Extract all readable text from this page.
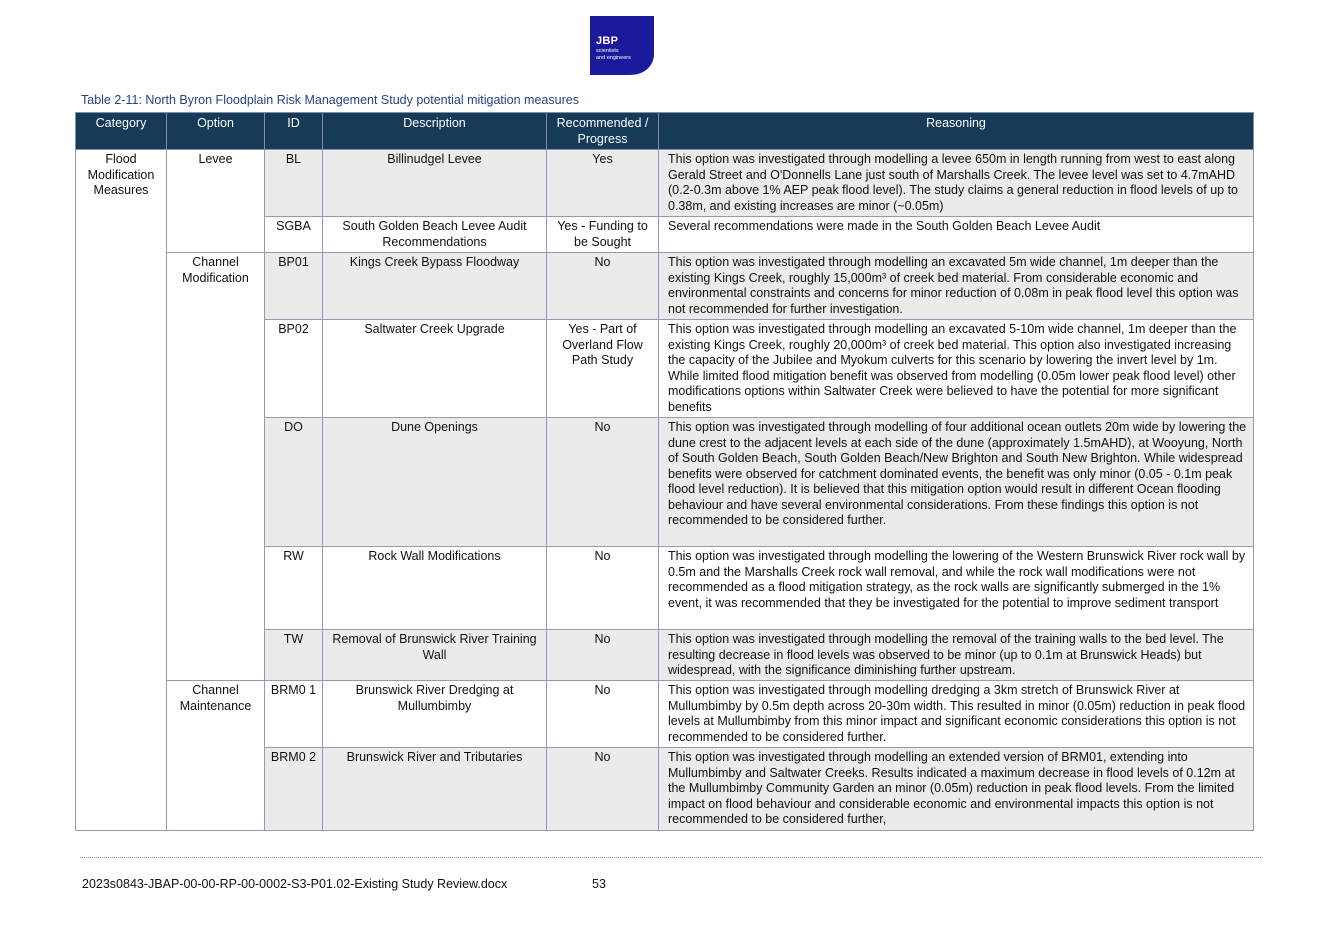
JBP
scientists
and engineers
Table 2-11: North Byron Floodplain Risk Management Study potential mitigation measures
Category	Option	ID	Description	Recommended / Progress	Reasoning
Flood Modification Measures	Levee	BL	Billinudgel Levee	Yes	This option was investigated through modelling a levee 650m in length running from west to east along Gerald Street and O'Donnells Lane just south of Marshalls Creek. The levee level was set to 4.7mAHD (0.2-0.3m above 1% AEP peak flood level). The study claims a general reduction in flood levels of up to 0.38m, and existing increases are minor (~0.05m)
		SGBA	South Golden Beach Levee Audit Recommendations	Yes - Funding to be Sought	Several recommendations were made in the South Golden Beach Levee Audit
	Channel Modification	BP01	Kings Creek Bypass Floodway	No	This option was investigated through modelling an excavated 5m wide channel, 1m deeper than the existing Kings Creek, roughly 15,000m³ of creek bed material. From considerable economic and environmental constraints and concerns for minor reduction of 0.08m in peak flood level this option was not recommended for further investigation.
		BP02	Saltwater Creek Upgrade	Yes - Part of Overland Flow Path Study	This option was investigated through modelling an excavated 5-10m wide channel, 1m deeper than the existing Kings Creek, roughly 20,000m³ of creek bed material. This option also investigated increasing the capacity of the Jubilee and Myokum culverts for this scenario by lowering the invert level by 1m. While limited flood mitigation benefit was observed from modelling (0.05m lower peak flood level) other modifications options within Saltwater Creek were believed to have the potential for more significant benefits
		DO	Dune Openings	No	This option was investigated through modelling of four additional ocean outlets 20m wide by lowering the dune crest to the adjacent levels at each side of the dune (approximately 1.5mAHD), at Wooyung, North of South Golden Beach, South Golden Beach/New Brighton and South New Brighton. While widespread benefits were observed for catchment dominated events, the benefit was only minor (0.05 - 0.1m peak flood level reduction). It is believed that this mitigation option would result in different Ocean flooding behaviour and have several environmental considerations. From these findings this option is not recommended to be considered further.
		RW	Rock Wall Modifications	No	This option was investigated through modelling the lowering of the Western Brunswick River rock wall by 0.5m and the Marshalls Creek rock wall removal, and while the rock wall modifications were not recommended as a flood mitigation strategy, as the rock walls are significantly submerged in the 1% event, it was recommended that they be investigated for the potential to improve sediment transport
		TW	Removal of Brunswick River Training Wall	No	This option was investigated through modelling the removal of the training walls to the bed level. The resulting decrease in flood levels was observed to be minor (up to 0.1m at Brunswick Heads) but widespread, with the significance diminishing further upstream.
	Channel Maintenance	BRM0 1	Brunswick River Dredging at Mullumbimby	No	This option was investigated through modelling dredging a 3km stretch of Brunswick River at Mullumbimby by 0.5m depth across 20-30m width. This resulted in minor (0.05m) reduction in peak flood levels at Mullumbimby from this minor impact and significant economic considerations this option is not recommended to be considered further.
		BRM0 2	Brunswick River and Tributaries	No	This option was investigated through modelling an extended version of BRM01, extending into Mullumbimby and Saltwater Creeks. Results indicated a maximum decrease in flood levels of 0.12m at the Mullumbimby Community Garden an minor (0.05m) reduction in peak flood levels. From the limited impact on flood behaviour and considerable economic and environmental impacts this option is not recommended to be considered further,
2023s0843-JBAP-00-00-RP-00-0002-S3-P01.02-Existing Study Review.docx	53
